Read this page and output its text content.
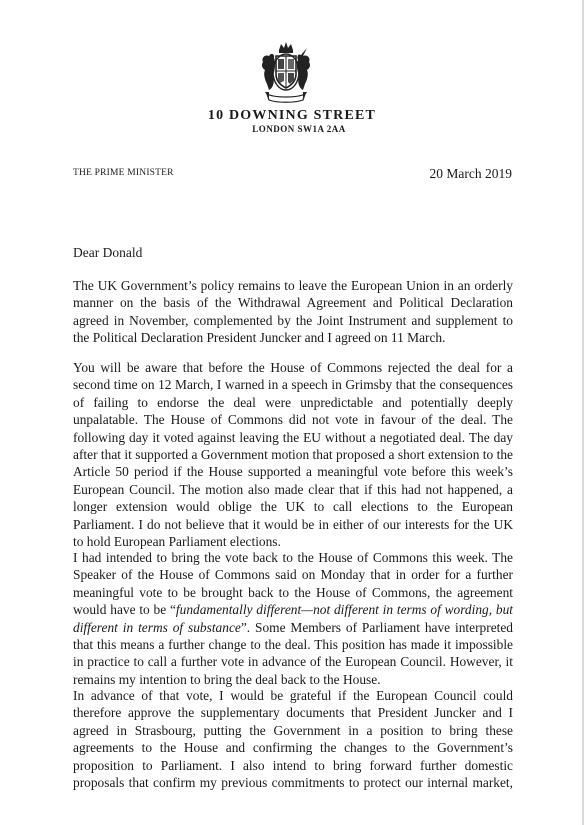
10 DOWNING STREET
LONDON SW1A 2AA
THE PRIME MINISTER	20 March 2019
Dear Donald

The UK Government’s policy remains to leave the European Union in an orderly manner on the basis of the Withdrawal Agreement and Political Declaration agreed in November, complemented by the Joint Instrument and supplement to the Political Declaration President Juncker and I agreed on 11 March.

You will be aware that before the House of Commons rejected the deal for a second time on 12 March, I warned in a speech in Grimsby that the consequences of failing to endorse the deal were unpredictable and potentially deeply unpalatable. The House of Commons did not vote in favour of the deal. The following day it voted against leaving the EU without a negotiated deal. The day after that it supported a Government motion that proposed a short extension to the Article 50 period if the House supported a meaningful vote before this week’s European Council. The motion also made clear that if this had not happened, a longer extension would oblige the UK to call elections to the European Parliament. I do not believe that it would be in either of our interests for the UK to hold European Parliament elections.

I had intended to bring the vote back to the House of Commons this week. The Speaker of the House of Commons said on Monday that in order for a further meaningful vote to be brought back to the House of Commons, the agreement would have to be “fundamentally different—not different in terms of wording, but different in terms of substance”. Some Members of Parliament have interpreted that this means a further change to the deal. This position has made it impossible in practice to call a further vote in advance of the European Council. However, it remains my intention to bring the deal back to the House.

In advance of that vote, I would be grateful if the European Council could therefore approve the supplementary documents that President Juncker and I agreed in Strasbourg, putting the Government in a position to bring these agreements to the House and confirming the changes to the Government’s proposition to Parliament. I also intend to bring forward further domestic proposals that confirm my previous commitments to protect our internal market,
